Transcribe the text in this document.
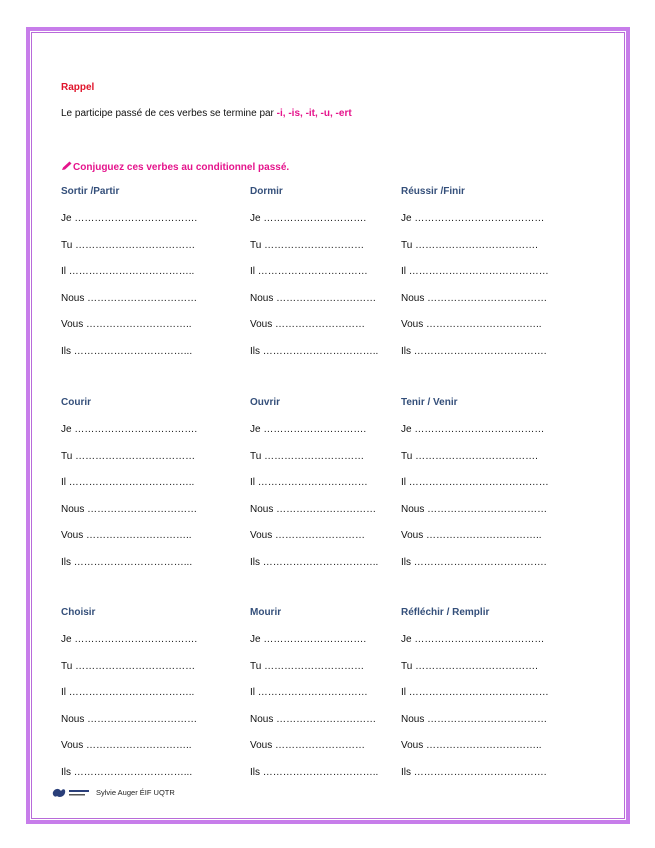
Rappel
Le participe passé de ces verbes se termine par -i, -is, -it, -u, -ert
Conjuguez ces verbes au conditionnel passé.
Sortir /Partir
Je ……………………………….
Tu ………………………………
Il ………………………………..
Nous ……………………………
Vous …………………………..
Ils ……………………………...
Dormir
Je ………………………….
Tu …………………………
Il ……………………………
Nous …………………………
Vous ………………………
Ils ……………………………..
Réussir /Finir
Je …………………………………
Tu ……………………………….
Il ……………………………………
Nous ………………………………
Vous ……………………………..
Ils ………………………………….
Courir
Je ……………………………….
Tu ………………………………
Il ………………………………..
Nous ……………………………
Vous …………………………..
Ils ……………………………...
Ouvrir
Je ………………………….
Tu …………………………
Il ……………………………
Nous …………………………
Vous ………………………
Ils ……………………………..
Tenir / Venir
Je …………………………………
Tu ……………………………….
Il ……………………………………
Nous ………………………………
Vous ……………………………..
Ils ………………………………….
Choisir
Je ……………………………….
Tu ………………………………
Il ………………………………..
Nous ……………………………
Vous …………………………..
Ils ……………………………...
Mourir
Je ………………………….
Tu …………………………
Il ……………………………
Nous …………………………
Vous ………………………
Ils ……………………………..
Réfléchir / Remplir
Je …………………………………
Tu ……………………………….
Il ……………………………………
Nous ………………………………
Vous ……………………………..
Ils ………………………………….
Sylvie Auger ÉIF UQTR
